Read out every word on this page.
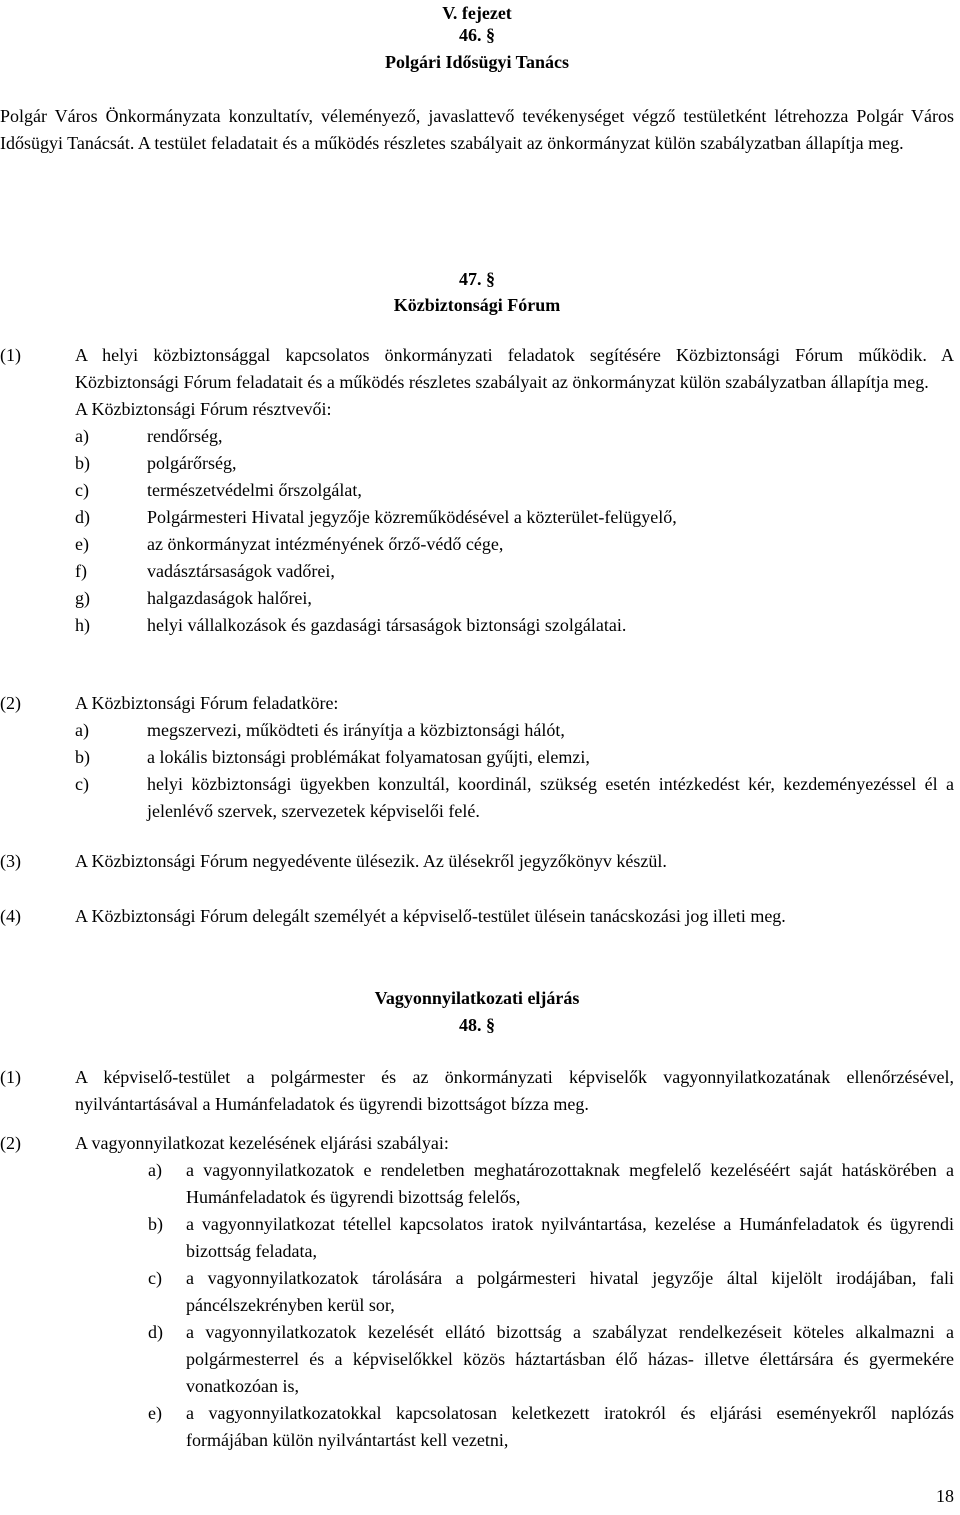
V. fejezet
46. §
Polgári Idősügyi Tanács
Polgár Város Önkormányzata konzultatív, véleményező, javaslattevő tevékenységet végző testületként létrehozza Polgár Város Idősügyi Tanácsát. A testület feladatait és a működés részletes szabályait az önkormányzat külön szabályzatban állapítja meg.
47. §
Közbiztonsági Fórum
(1)	A helyi közbiztonsággal kapcsolatos önkormányzati feladatok segítésére Közbiztonsági Fórum működik. A Közbiztonsági Fórum feladatait és a működés részletes szabályait az önkormányzat külön szabályzatban állapítja meg.
A Közbiztonsági Fórum résztvevői:
a)	rendőrség,
b)	polgárőrség,
c)	természetvédelmi őrszolgálat,
d)	Polgármesteri Hivatal jegyzője közreműködésével a közterület-felügyelő,
e)	az önkormányzat intézményének őrző-védő cége,
f)	vadásztársaságok vadőrei,
g)	halgazdaságok halőrei,
h)	helyi vállalkozások és gazdasági társaságok biztonsági szolgálatai.
(2)	A Közbiztonsági Fórum feladatköre:
a)	megszervezi, működteti és irányítja a közbiztonsági hálót,
b)	a lokális biztonsági problémákat folyamatosan gyűjti, elemzi,
c)	helyi közbiztonsági ügyekben konzultál, koordinál, szükség esetén intézkedést kér, kezdeményezéssel él a jelenlévő szervek, szervezetek képviselői felé.
(3)	A Közbiztonsági Fórum negyedévente ülésezik. Az ülésekről jegyzőkönyv készül.
(4)	A Közbiztonsági Fórum delegált személyét a képviselő-testület ülésein tanácskozási jog illeti meg.
Vagyonnyilatkozati eljárás
48. §
(1)	A képviselő-testület a polgármester és az önkormányzati képviselők vagyonnyilatkozatának ellenőrzésével, nyilvántartásával a Humánfeladatok és ügyrendi bizottságot bízza meg.
(2)	A vagyonnyilatkozat kezelésének eljárási szabályai:
a)	a vagyonnyilatkozatok e rendeletben meghatározottaknak megfelelő kezeléséért saját hatáskörében a Humánfeladatok és ügyrendi bizottság felelős,
b)	a vagyonnyilatkozat tétellel kapcsolatos iratok nyilvántartása, kezelése a Humánfeladatok és ügyrendi bizottság feladata,
c)	a vagyonnyilatkozatok tárolására a polgármesteri hivatal jegyzője által kijelölt irodájában, fali páncélszekrényben kerül sor,
d)	a vagyonnyilatkozatok kezelését ellátó bizottság a szabályzat rendelkezéseit köteles alkalmazni a polgármesterrel és a képviselőkkel közös háztartásban élő házas- illetve élettársára és gyermekére vonatkozóan is,
e)	a vagyonnyilatkozatokkal kapcsolatosan keletkezett iratokról és eljárási eseményekről naplózás formájában külön nyilvántartást kell vezetni,
18
